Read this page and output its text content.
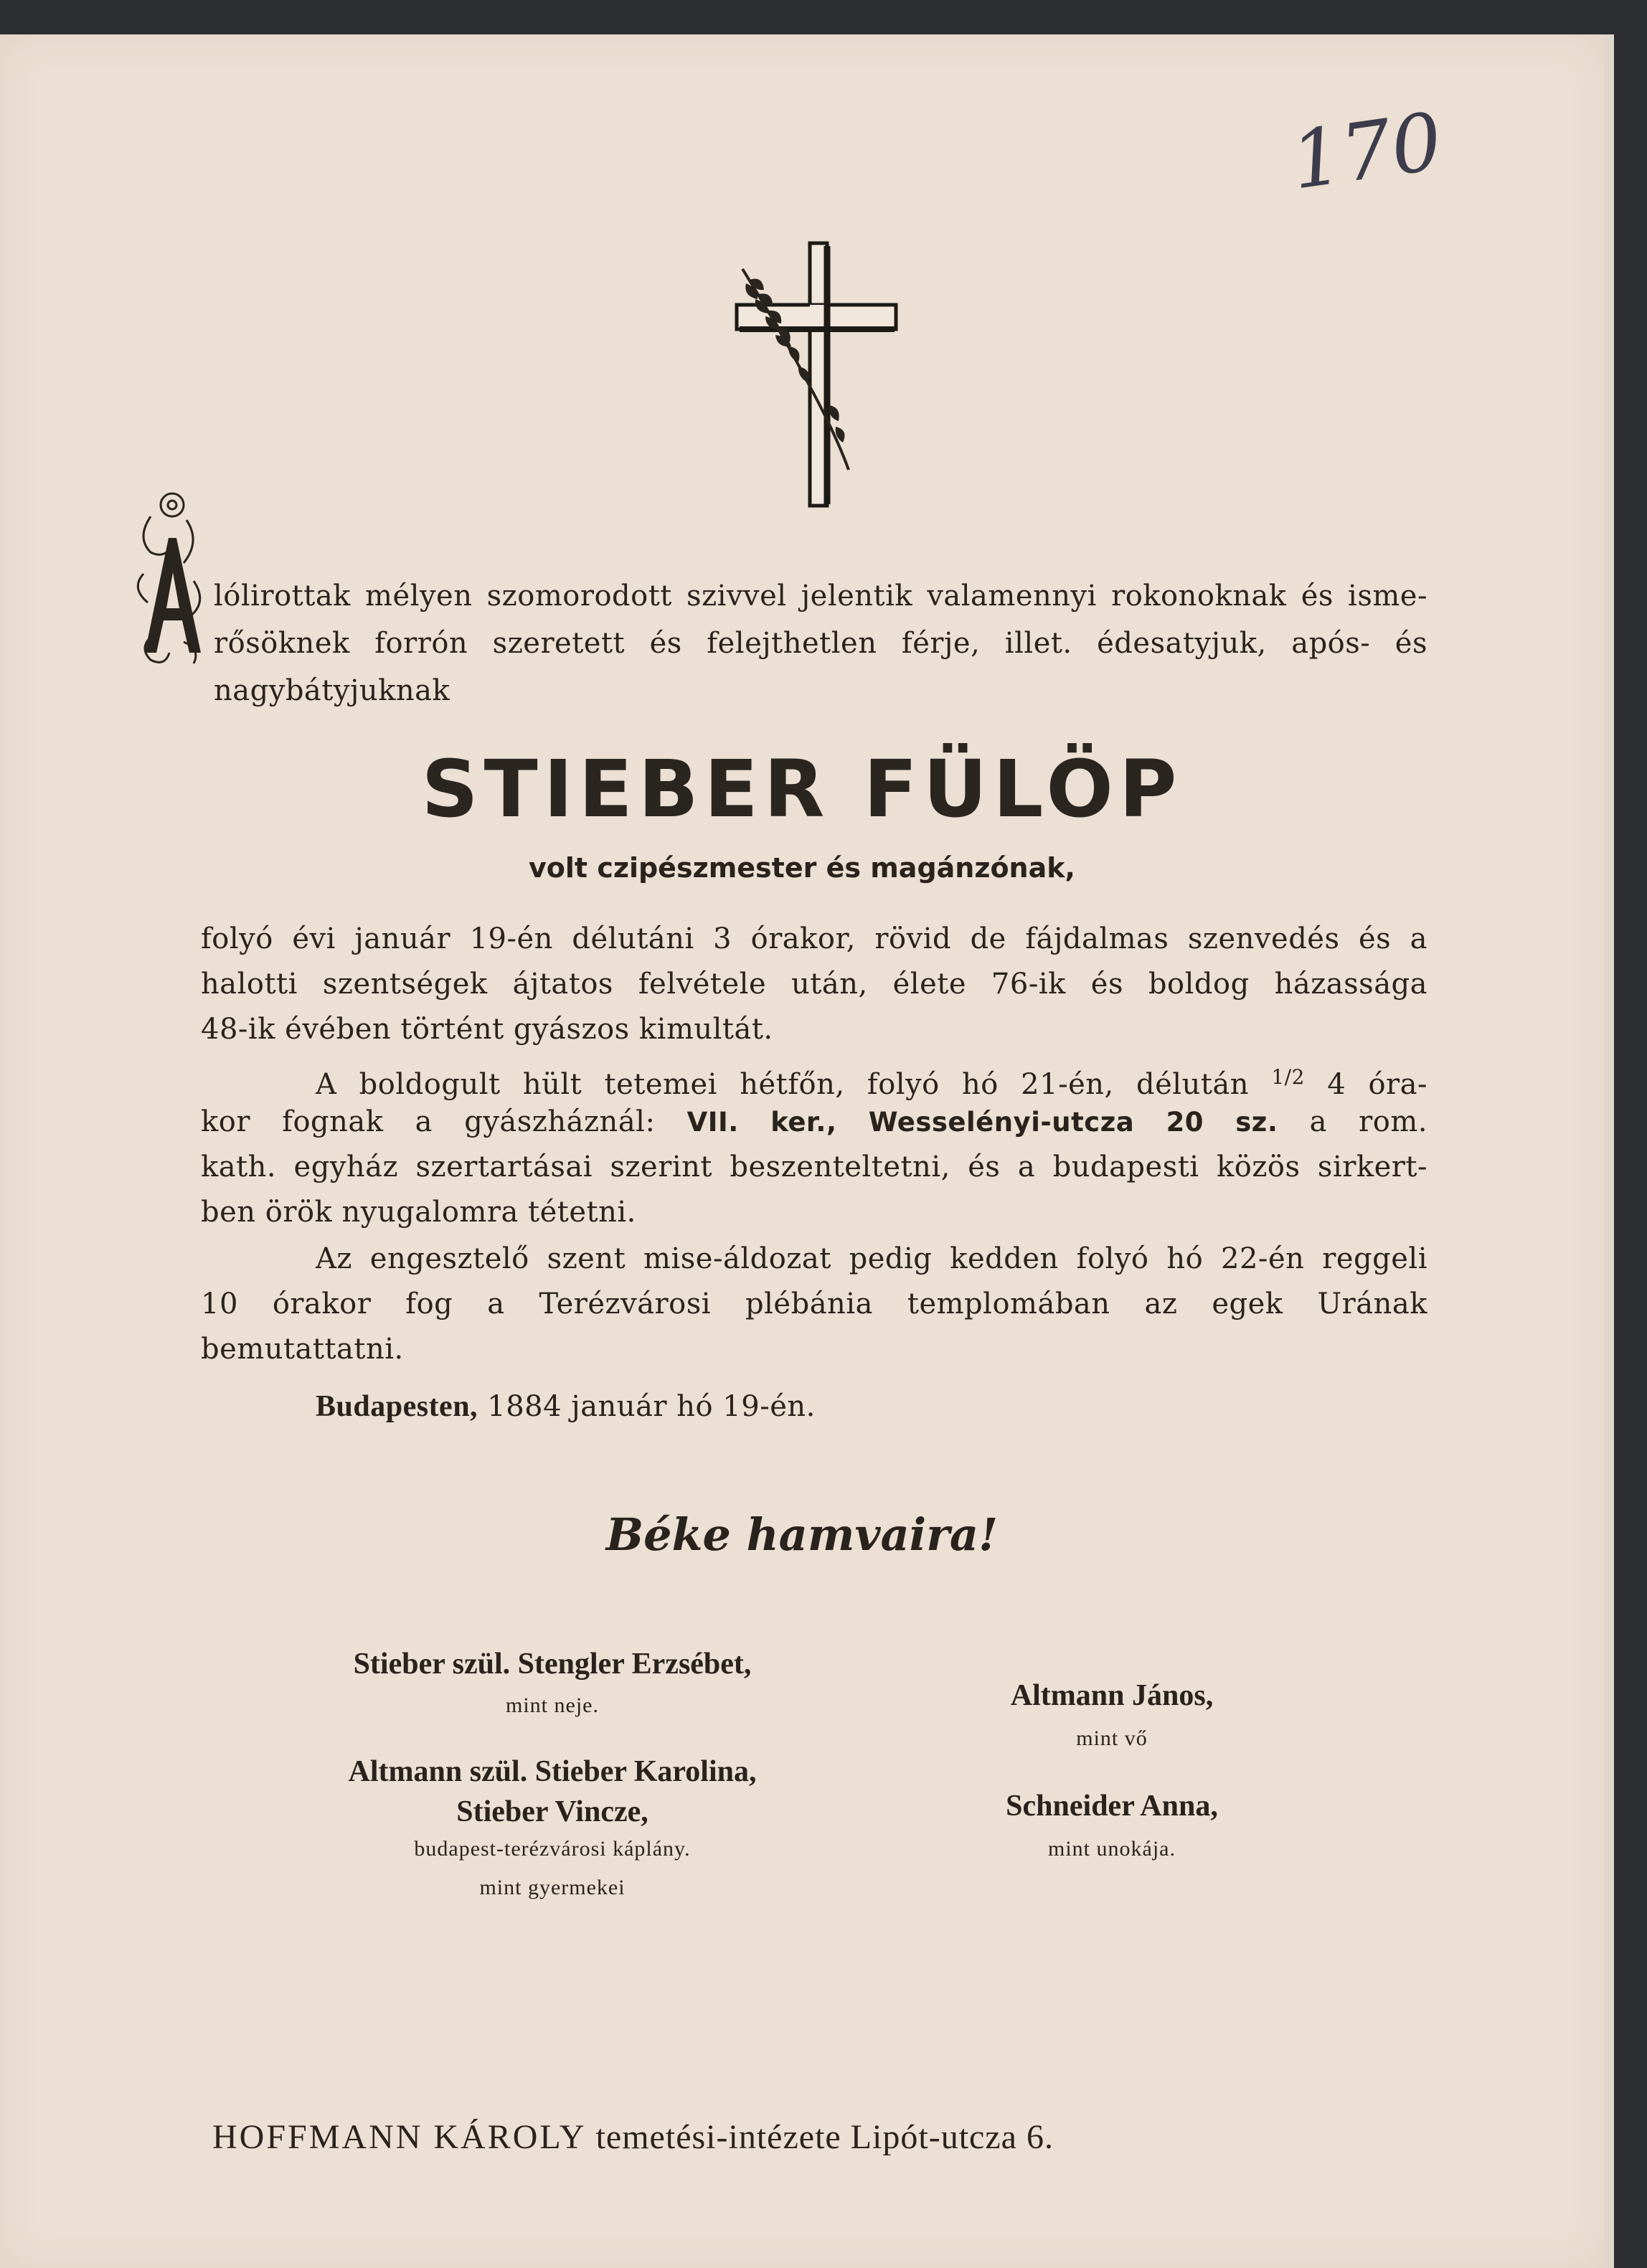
170
lólirottak mélyen szomorodott szivvel jelentik valamennyi rokonoknak és isme-
rősöknek forrón szeretett és felejthetlen férje, illet. édesatyjuk, após- és
nagybátyjuknak
STIEBER FÜLÖP
volt czipészmester és magánzónak,
folyó évi január 19-én délutáni 3 órakor, rövid de fájdalmas szenvedés és a
halotti szentségek ájtatos felvétele után, élete 76-ik és boldog házassága
48-ik évében történt gyászos kimultát.
A boldogult hült tetemei hétfőn, folyó hó 21-én, délután $^{1/2}$ 4 óra-
kor fognak a gyászháznál: VII. ker., Wesselényi-utcza 20 sz. a rom.
kath. egyház szertartásai szerint beszenteltetni, és a budapesti közös sirkert-
ben örök nyugalomra tétetni.
Az engesztelő szent mise-áldozat pedig kedden folyó hó 22-én reggeli
10 órakor fog a Terézvárosi plébánia templomában az egek Urának
bemutattatni.
Budapesten, 1884 január hó 19-én.
Béke hamvaira!
Stieber szül. Stengler Erzsébet,
mint neje.
Altmann szül. Stieber Karolina,
Stieber Vincze,
budapest-terézvárosi káplány.
mint gyermekei
Altmann János,
mint vő
Schneider Anna,
mint unokája.
HOFFMANN KÁROLY temetési-intézete Lipót-utcza 6.
